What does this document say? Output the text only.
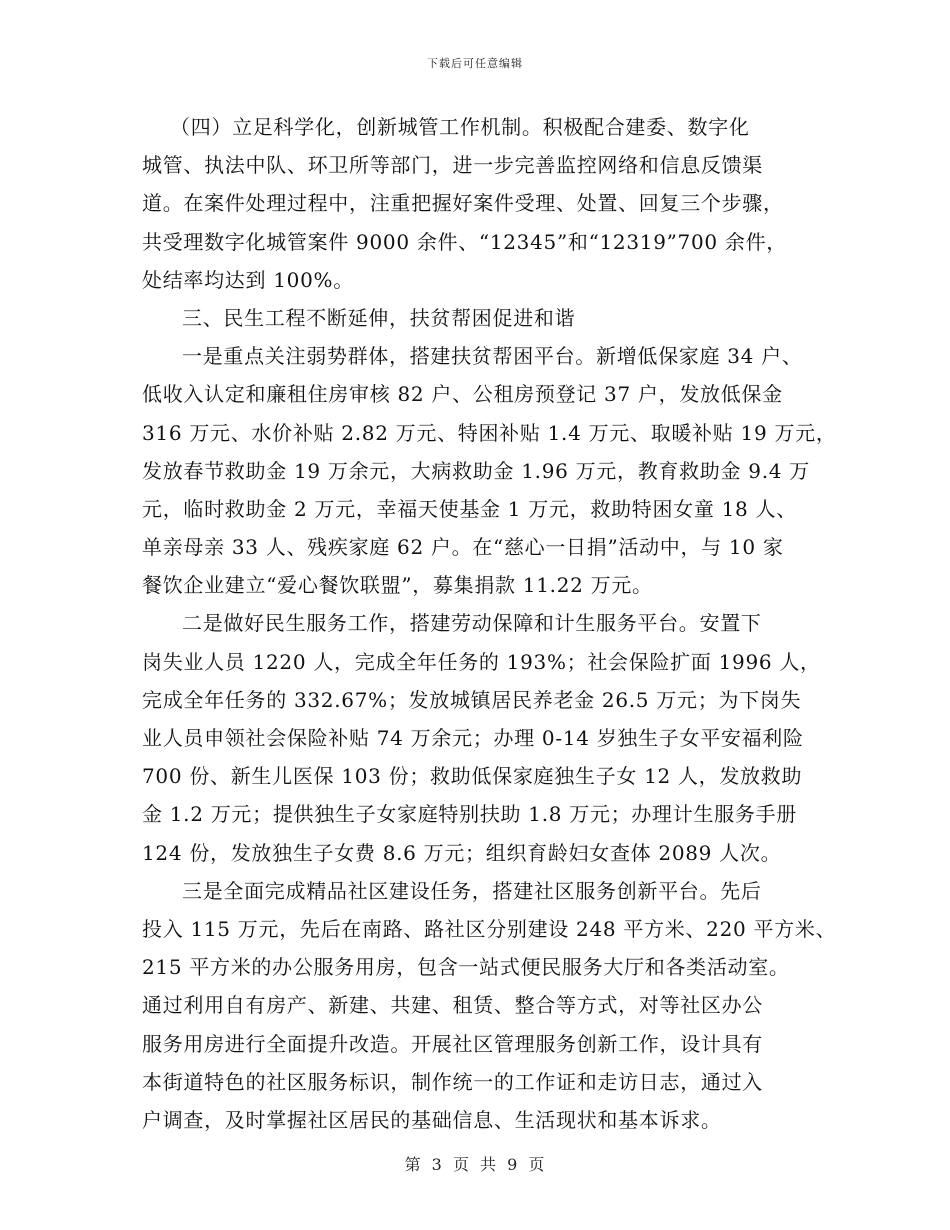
下载后可任意编辑
（四）立足科学化，创新城管工作机制。积极配合建委、数字化
城管、执法中队、环卫所等部门，进一步完善监控网络和信息反馈渠
道。在案件处理过程中，注重把握好案件受理、处置、回复三个步骤，
共受理数字化城管案件 9000 余件、“12345”和“12319”700 余件，
处结率均达到 100%。
三、民生工程不断延伸，扶贫帮困促进和谐
一是重点关注弱势群体，搭建扶贫帮困平台。新增低保家庭 34 户、
低收入认定和廉租住房审核 82 户、公租房预登记 37 户，发放低保金
316 万元、水价补贴 2.82 万元、特困补贴 1.4 万元、取暖补贴 19 万元，
发放春节救助金 19 万余元，大病救助金 1.96 万元，教育救助金 9.4 万
元，临时救助金 2 万元，幸福天使基金 1 万元，救助特困女童 18 人、
单亲母亲 33 人、残疾家庭 62 户。在“慈心一日捐”活动中，与 10 家
餐饮企业建立“爱心餐饮联盟”，募集捐款 11.22 万元。
二是做好民生服务工作，搭建劳动保障和计生服务平台。安置下
岗失业人员 1220 人，完成全年任务的 193%；社会保险扩面 1996 人，
完成全年任务的 332.67%；发放城镇居民养老金 26.5 万元；为下岗失
业人员申领社会保险补贴 74 万余元；办理 0-14 岁独生子女平安福利险
700 份、新生儿医保 103 份；救助低保家庭独生子女 12 人，发放救助
金 1.2 万元；提供独生子女家庭特别扶助 1.8 万元；办理计生服务手册
124 份，发放独生子女费 8.6 万元；组织育龄妇女查体 2089 人次。
三是全面完成精品社区建设任务，搭建社区服务创新平台。先后
投入 115 万元，先后在南路、路社区分别建设 248 平方米、220 平方米、
215 平方米的办公服务用房，包含一站式便民服务大厅和各类活动室。
通过利用自有房产、新建、共建、租赁、整合等方式，对等社区办公
服务用房进行全面提升改造。开展社区管理服务创新工作，设计具有
本街道特色的社区服务标识，制作统一的工作证和走访日志，通过入
户调查，及时掌握社区居民的基础信息、生活现状和基本诉求。
第 3 页 共 9 页
